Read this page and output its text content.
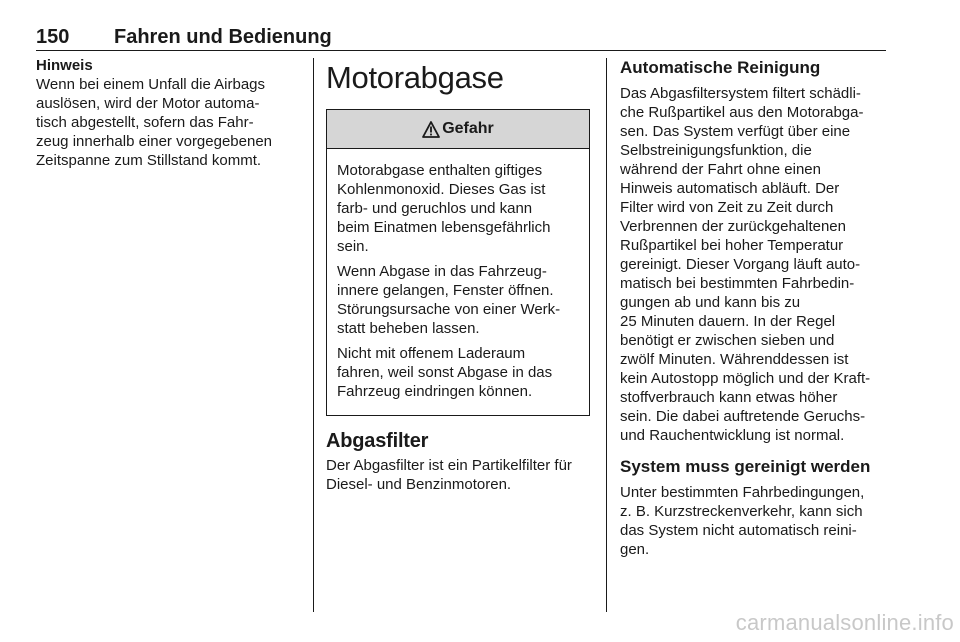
150 Fahren und Bedienung

Hinweis

Wenn bei einem Unfall die Airbags
auslösen, wird der Motor automa-
tisch abgestellt, sofern das Fahr-
zeug innerhalb einer vorgegebenen
Zeitspanne zum Stillstand kommt.

Motorabgase
Gefahr

Motorabgase enthalten giftiges
Kohlenmonoxid. Dieses Gas ist
farb- und geruchlos und kann
beim Einatmen lebensgefährlich
sein.

Wenn Abgase in das Fahrzeug-
innere gelangen, Fenster öffnen.
Störungsursache von einer Werk-
statt beheben lassen.

Nicht mit offenem Laderaum
fahren, weil sonst Abgase in das
Fahrzeug eindringen können.

Abgasfilter

Der Abgasfilter ist ein Partikelfilter für
Diesel- und Benzinmotoren.

Automatische Reinigung

Das Abgasfiltersystem filtert schädli-
che Rußpartikel aus den Motorabga-
sen. Das System verfügt über eine
Selbstreinigungsfunktion, die
während der Fahrt ohne einen
Hinweis automatisch abläuft. Der
Filter wird von Zeit zu Zeit durch
Verbrennen der zurückgehaltenen
Rußpartikel bei hoher Temperatur
gereinigt. Dieser Vorgang läuft auto-
matisch bei bestimmten Fahrbedin-
gungen ab und kann bis zu
25 Minuten dauern. In der Regel
benötigt er zwischen sieben und
zwölf Minuten. Währenddessen ist
kein Autostopp möglich und der Kraft-
stoffverbrauch kann etwas höher
sein. Die dabei auftretende Geruchs-
und Rauchentwicklung ist normal.

System muss gereinigt werden

Unter bestimmten Fahrbedingungen,
z. B. Kurzstreckenverkehr, kann sich
das System nicht automatisch reini-
gen.

carmanualsonline.info
